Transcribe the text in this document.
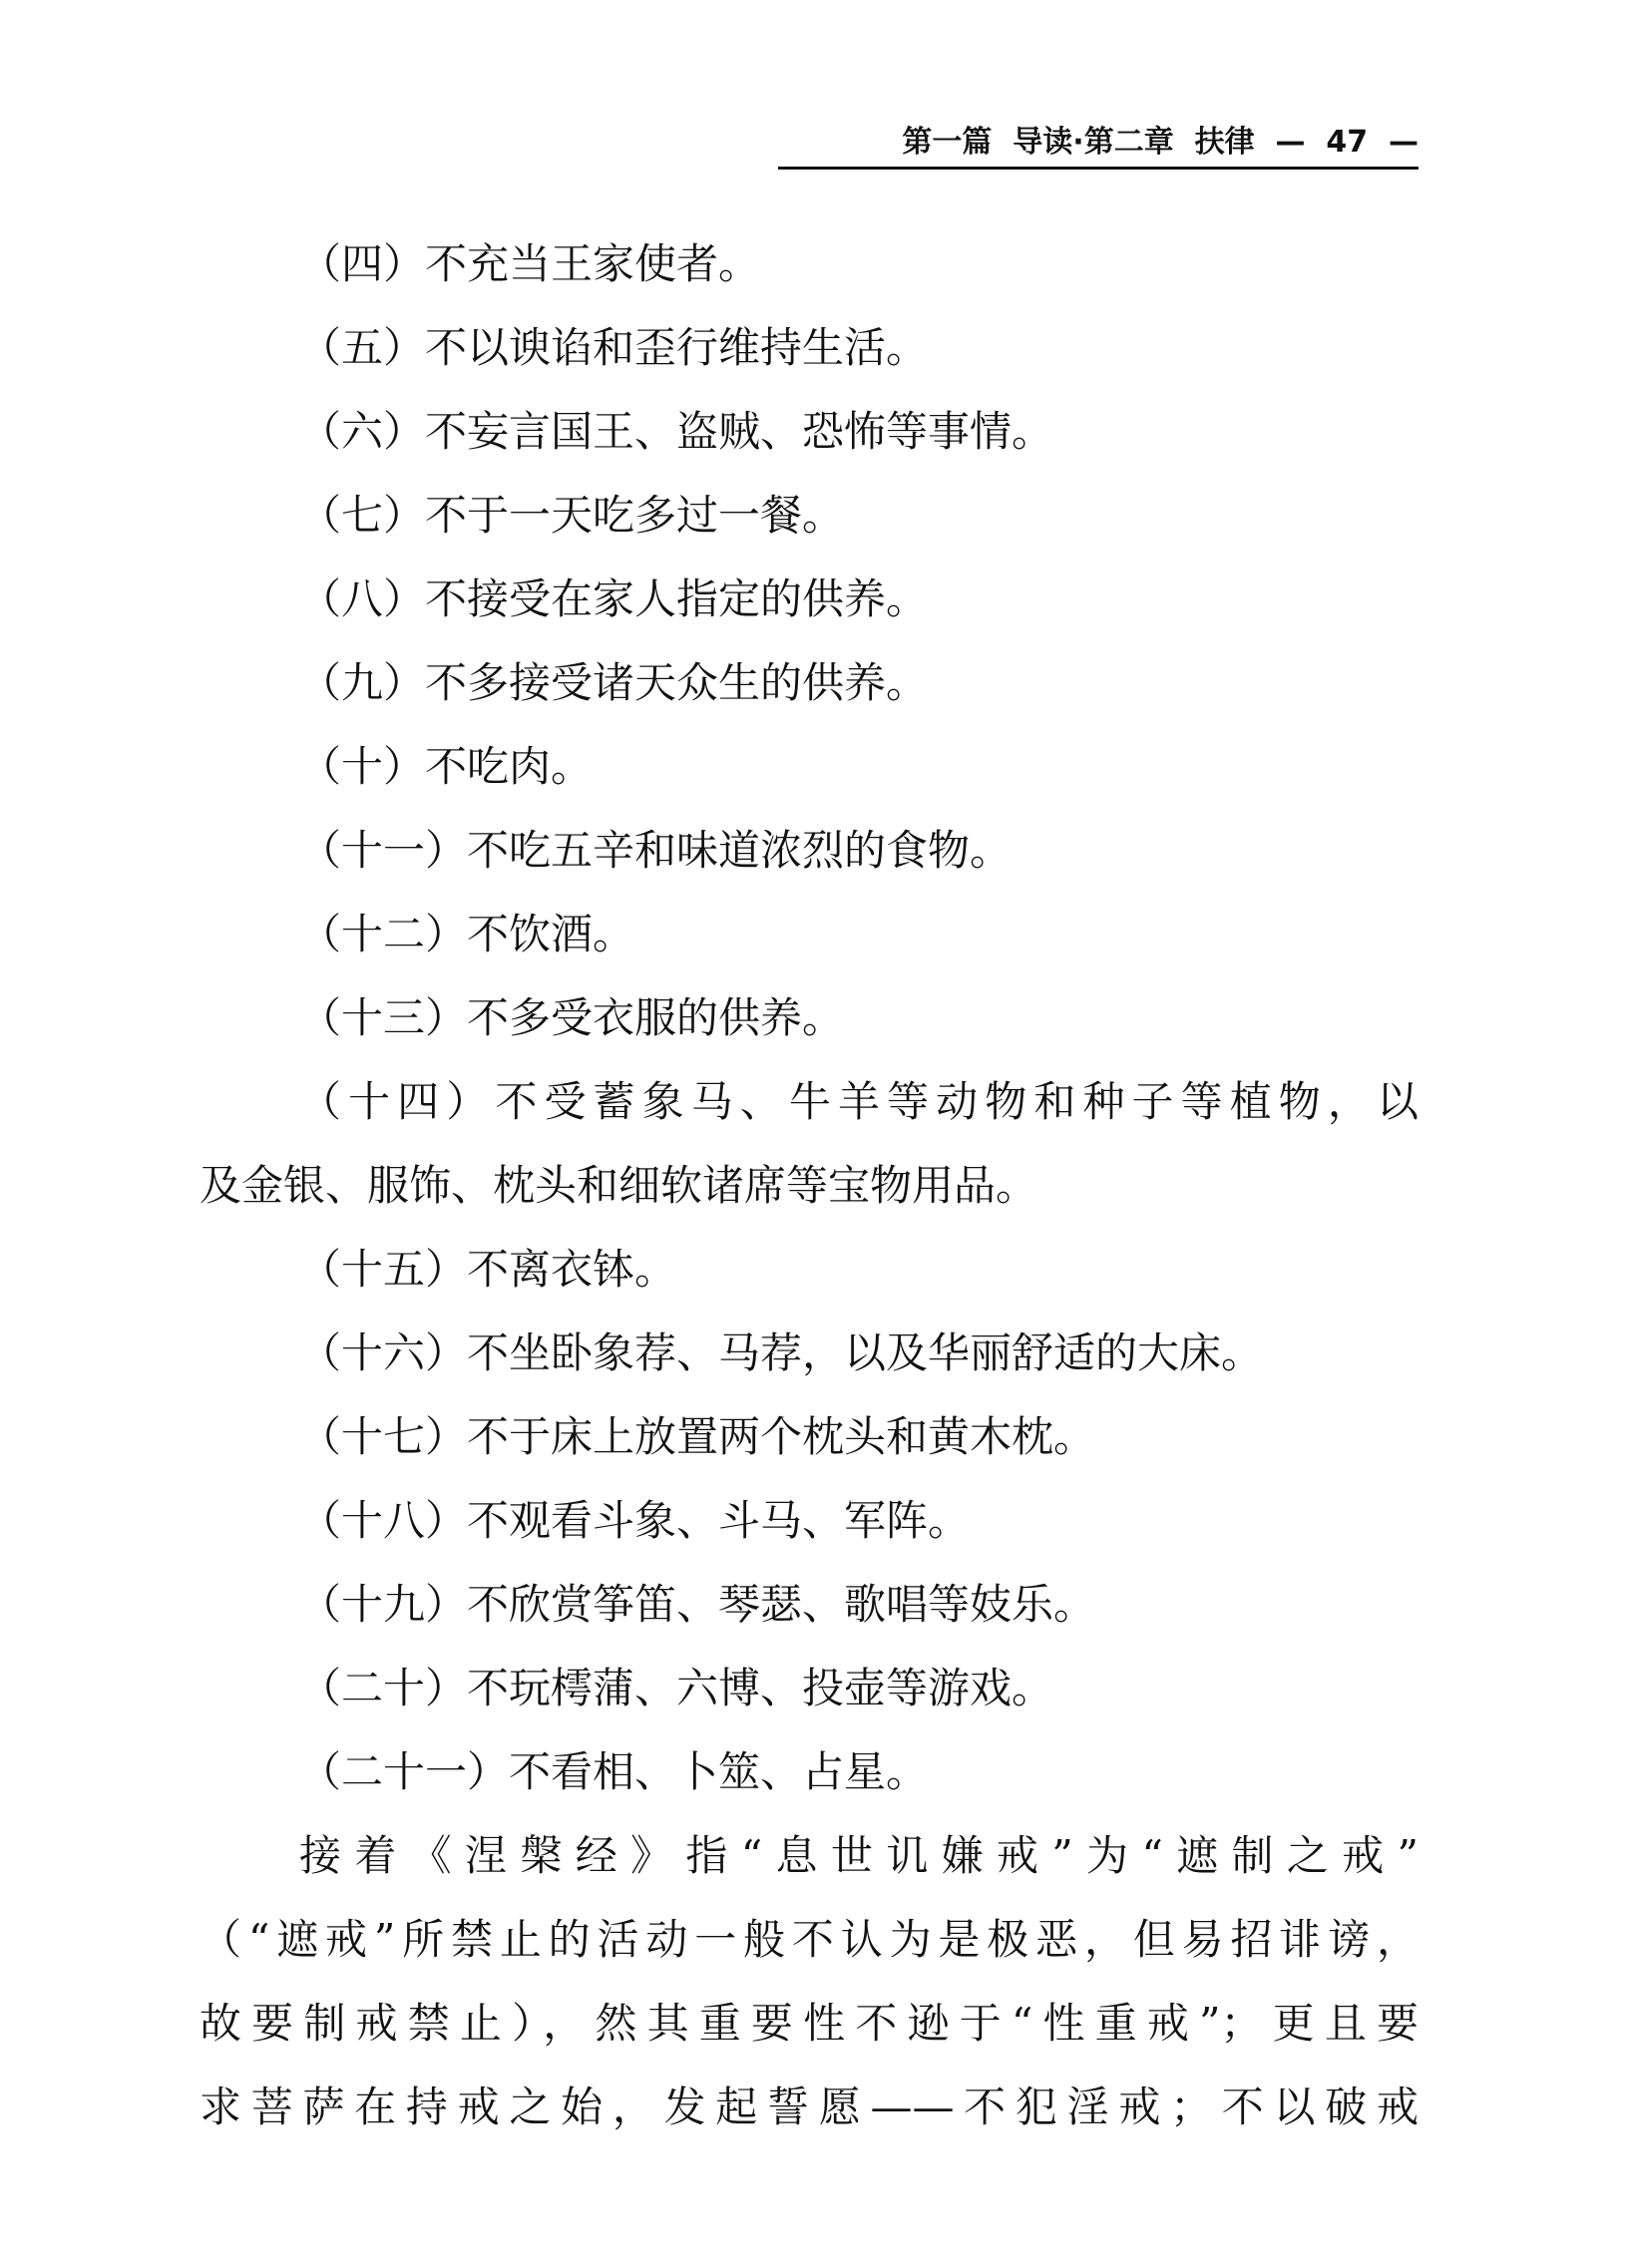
第一篇  导读·第二章  扶律  —  47  —
（四）不充当王家使者。
（五）不以谀谄和歪行维持生活。
（六）不妄言国王、盗贼、恐怖等事情。
（七）不于一天吃多过一餐。
（八）不接受在家人指定的供养。
（九）不多接受诸天众生的供养。
（十）不吃肉。
（十一）不吃五辛和味道浓烈的食物。
（十二）不饮酒。
（十三）不多受衣服的供养。
（十四）不受蓄象马、牛羊等动物和种子等植物，以
及金银、服饰、枕头和细软诸席等宝物用品。
（十五）不离衣钵。
（十六）不坐卧象荐、马荐，以及华丽舒适的大床。
（十七）不于床上放置两个枕头和黄木枕。
（十八）不观看斗象、斗马、军阵。
（十九）不欣赏筝笛、琴瑟、歌唱等妓乐。
（二十）不玩樗蒲、六博、投壶等游戏。
（二十一）不看相、卜筮、占星。
接着《涅槃经》指“息世讥嫌戒”为“遮制之戒”
（“遮戒”所禁止的活动一般不认为是极恶，但易招诽谤，
故要制戒禁止），然其重要性不逊于“性重戒”；更且要
求菩萨在持戒之始，发起誓愿——不犯淫戒；不以破戒
